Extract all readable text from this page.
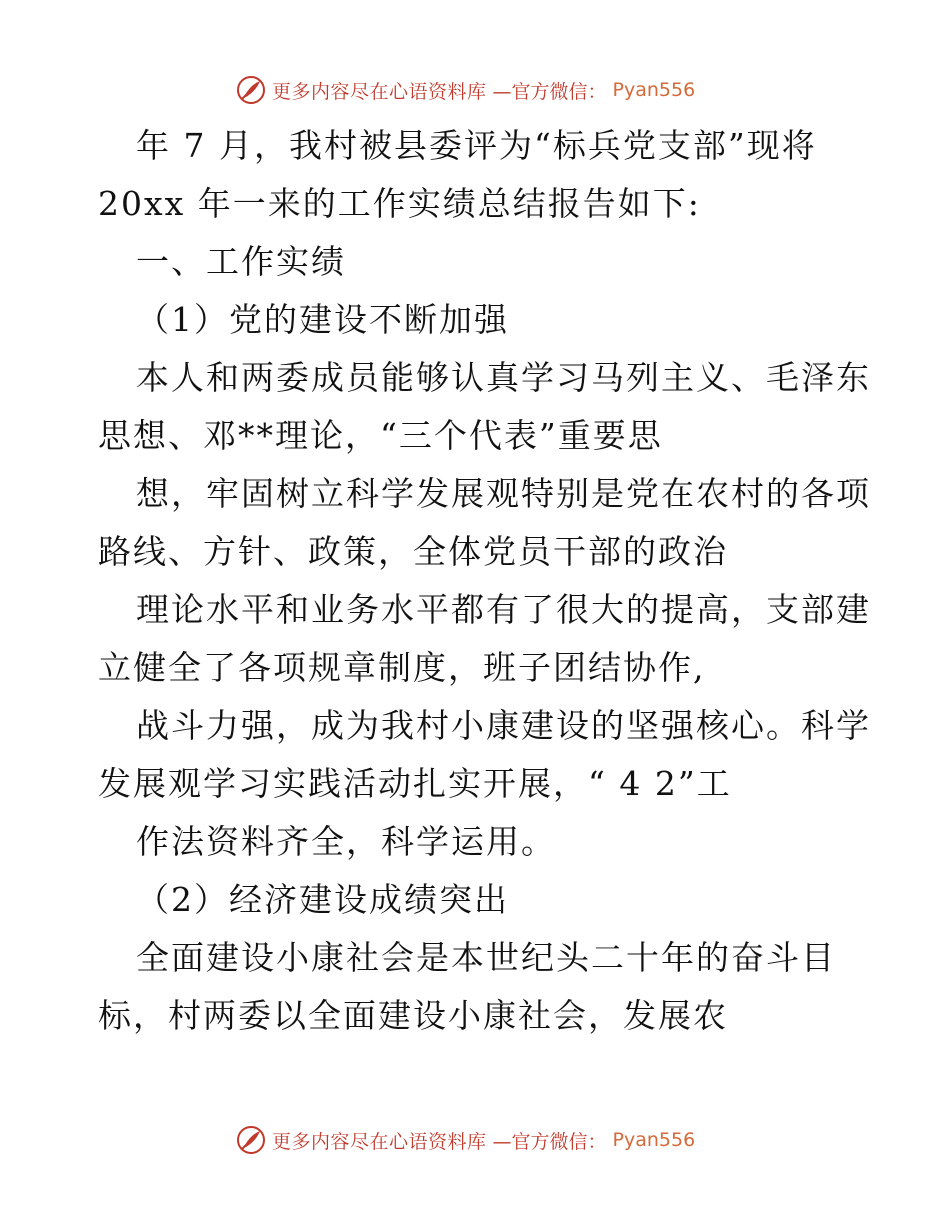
更多内容尽在心语资料库 —官方微信： Pyan556
年 7 月，我村被县委评为“标兵党支部”现将
20xx 年一来的工作实绩总结报告如下:
一、工作实绩
（1）党的建设不断加强
本人和两委成员能够认真学习马列主义、毛泽东
思想、邓**理论，“三个代表”重要思
想，牢固树立科学发展观特别是党在农村的各项
路线、方针、政策，全体党员干部的政治
理论水平和业务水平都有了很大的提高，支部建
立健全了各项规章制度，班子团结协作,
战斗力强，成为我村小康建设的坚强核心。科学
发展观学习实践活动扎实开展，“ 4 2”工
作法资料齐全，科学运用。
（2）经济建设成绩突出
全面建设小康社会是本世纪头二十年的奋斗目
标，村两委以全面建设小康社会，发展农
更多内容尽在心语资料库 —官方微信： Pyan556
